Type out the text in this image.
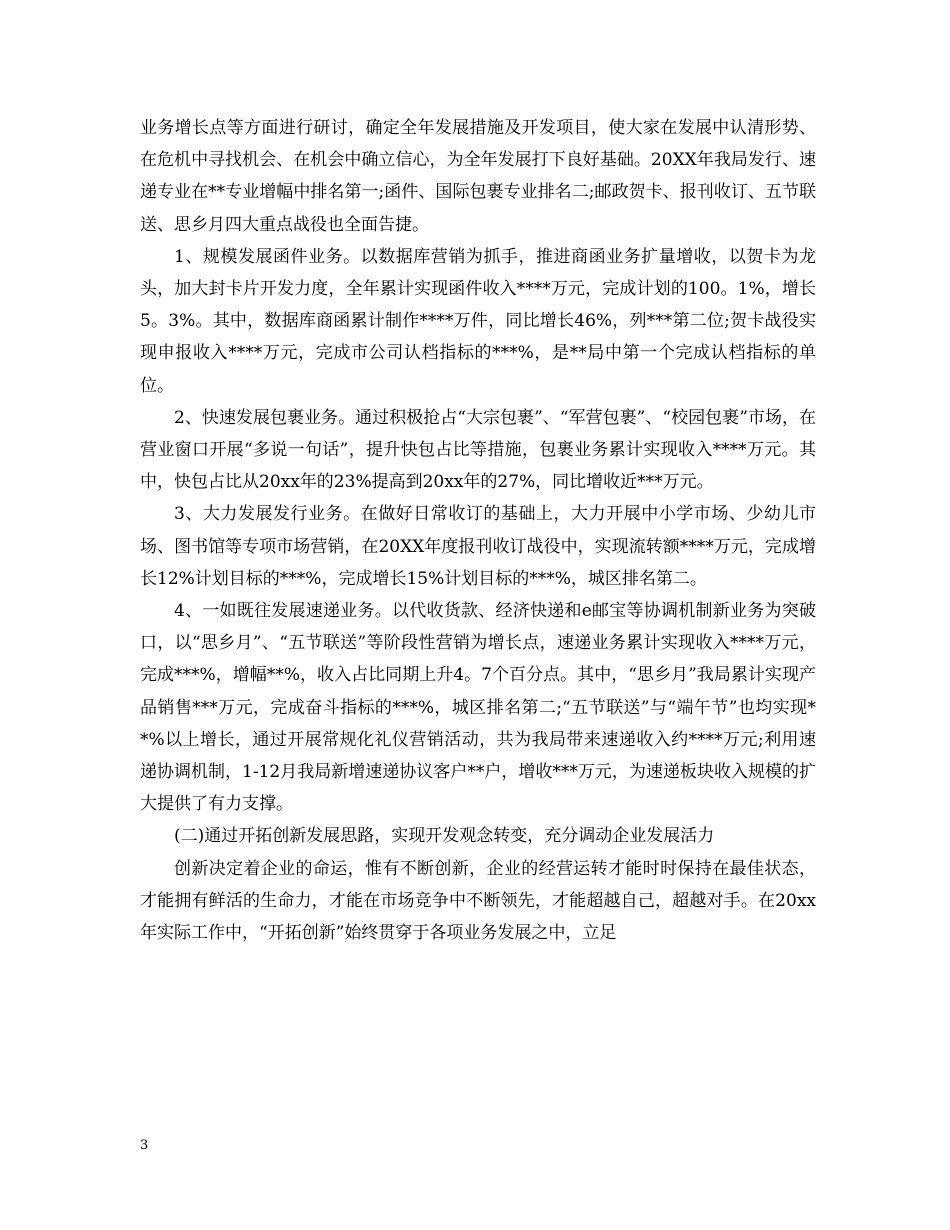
业务增长点等方面进行研讨，确定全年发展措施及开发项目，使大家在发展中认清形势、在危机中寻找机会、在机会中确立信心，为全年发展打下良好基础。20XX年我局发行、速递专业在**专业增幅中排名第一;函件、国际包裹专业排名二;邮政贺卡、报刊收订、五节联送、思乡月四大重点战役也全面告捷。

1、规模发展函件业务。以数据库营销为抓手，推进商函业务扩量增收，以贺卡为龙头，加大封卡片开发力度，全年累计实现函件收入****万元，完成计划的100。1%，增长5。3%。其中，数据库商函累计制作****万件，同比增长46%，列***第二位;贺卡战役实现申报收入****万元，完成市公司认档指标的***%，是**局中第一个完成认档指标的单位。

2、快速发展包裹业务。通过积极抢占“大宗包裹”、“军营包裹”、“校园包裹”市场，在营业窗口开展“多说一句话”，提升快包占比等措施，包裹业务累计实现收入****万元。其中，快包占比从20xx年的23%提高到20xx年的27%，同比增收近***万元。

3、大力发展发行业务。在做好日常收订的基础上，大力开展中小学市场、少幼儿市场、图书馆等专项市场营销，在20XX年度报刊收订战役中，实现流转额****万元，完成增长12%计划目标的***%，完成增长15%计划目标的***%，城区排名第二。

4、一如既往发展速递业务。以代收货款、经济快递和e邮宝等协调机制新业务为突破口，以“思乡月”、“五节联送”等阶段性营销为增长点，速递业务累计实现收入****万元，完成***%，增幅**%，收入占比同期上升4。7个百分点。其中，“思乡月”我局累计实现产品销售***万元，完成奋斗指标的***%，城区排名第二;“五节联送”与“端午节”也均实现**%以上增长，通过开展常规化礼仪营销活动，共为我局带来速递收入约****万元;利用速递协调机制，1-12月我局新增速递协议客户**户，增收***万元，为速递板块收入规模的扩大提供了有力支撑。

(二)通过开拓创新发展思路，实现开发观念转变，充分调动企业发展活力

创新决定着企业的命运，惟有不断创新，企业的经营运转才能时时保持在最佳状态，才能拥有鲜活的生命力，才能在市场竞争中不断领先，才能超越自己，超越对手。在20xx年实际工作中，“开拓创新”始终贯穿于各项业务发展之中，立足

3
